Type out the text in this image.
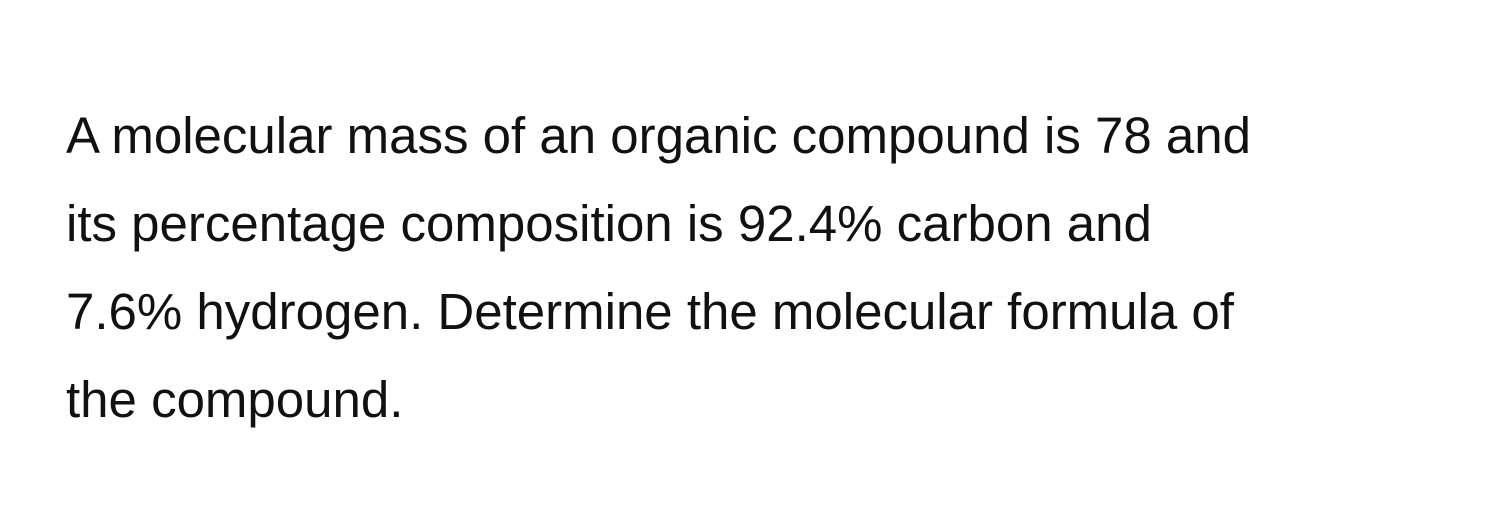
A molecular mass of an organic compound is 78 and
its percentage composition is 92.4% carbon and
7.6% hydrogen. Determine the molecular formula of
the compound.
